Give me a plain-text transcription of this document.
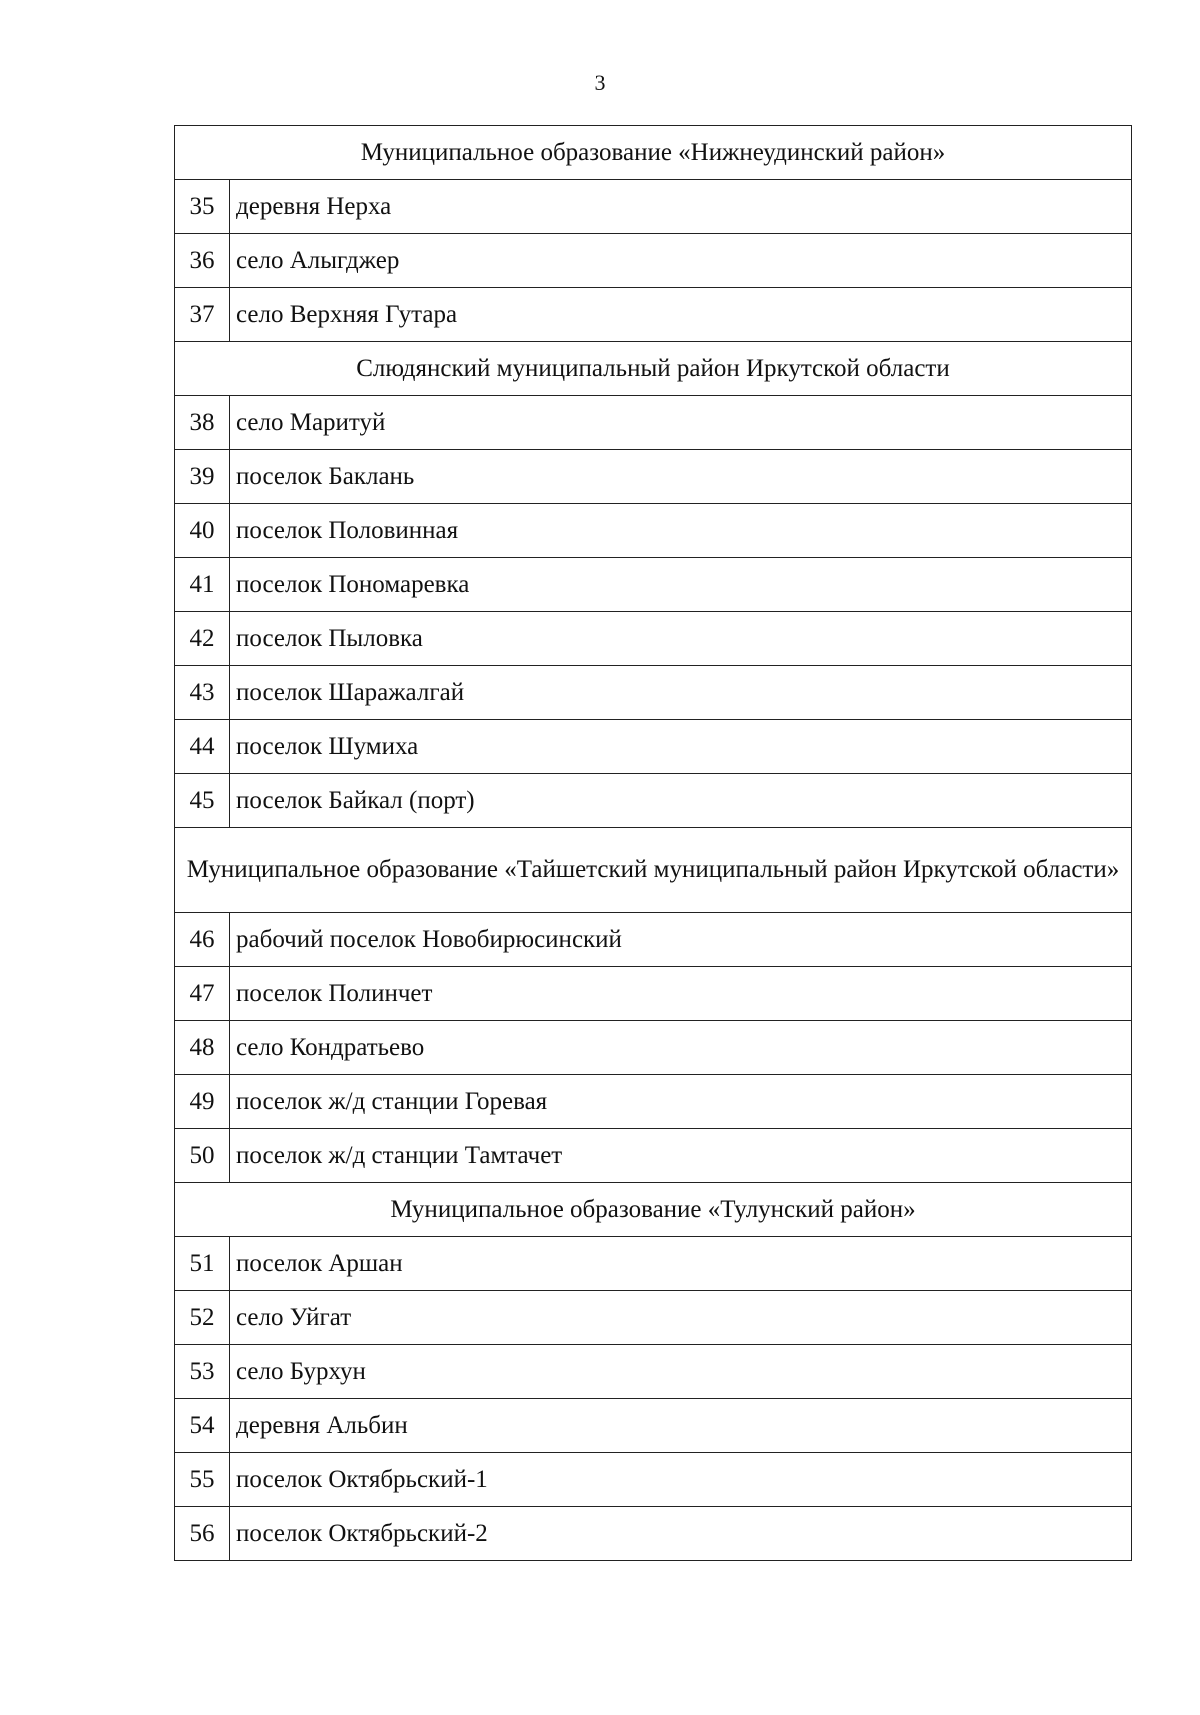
3
Муниципальное образование «Нижнеудинский район»	
35	деревня Нерха
36	село Алыгджер
37	село Верхняя Гутара
Слюдянский муниципальный район Иркутской области	
38	село Маритуй
39	поселок Баклань
40	поселок Половинная
41	поселок Пономаревка
42	поселок Пыловка
43	поселок Шаражалгай
44	поселок Шумиха
45	поселок Байкал (порт)
Муниципальное образование «Тайшетский муниципальный район Иркутской области»	
46	рабочий поселок Новобирюсинский
47	поселок Полинчет
48	село Кондратьево
49	поселок ж/д станции Горевая
50	поселок ж/д станции Тамтачет
Муниципальное образование «Тулунский район»	
51	поселок Аршан
52	село Уйгат
53	село Бурхун
54	деревня Альбин
55	поселок Октябрьский-1
56	поселок Октябрьский-2
